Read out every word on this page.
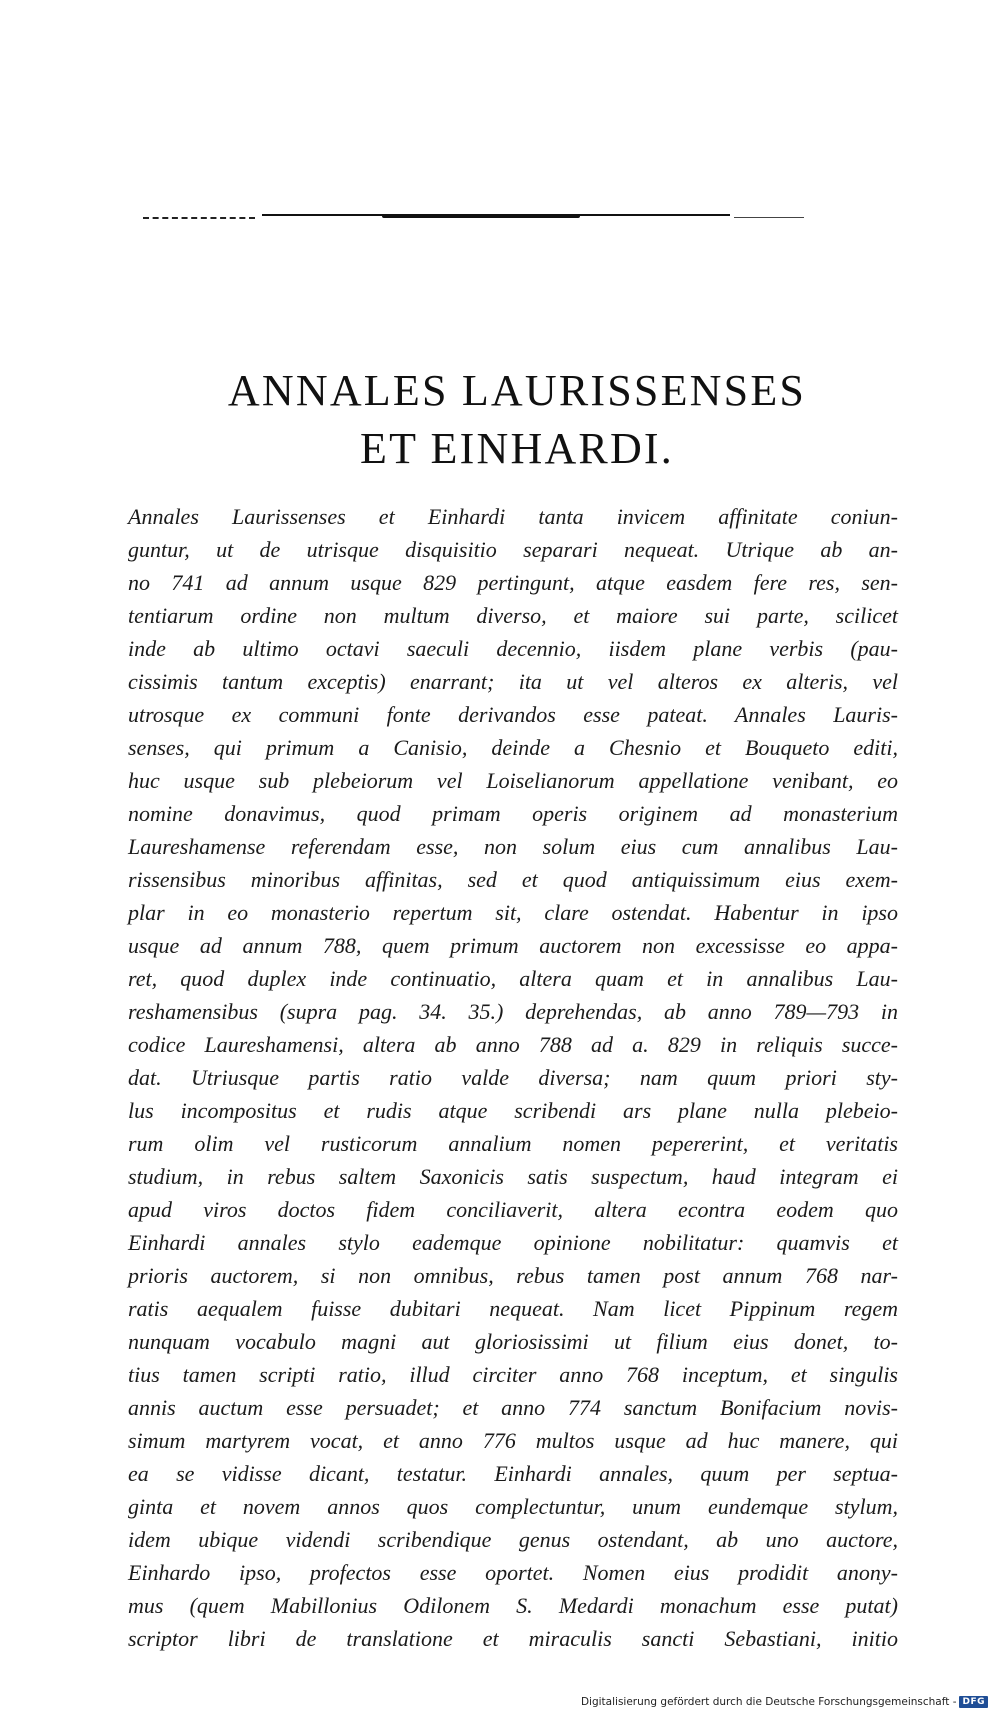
ANNALES LAURISSENSES
ET EINHARDI.
Annales Laurissenses et Einhardi tanta invicem affinitate coniun-
guntur, ut de utrisque disquisitio separari nequeat. Utrique ab an-
no 741 ad annum usque 829 pertingunt, atque easdem fere res, sen-
tentiarum ordine non multum diverso, et maiore sui parte, scilicet
inde ab ultimo octavi saeculi decennio, iisdem plane verbis (pau-
cissimis tantum exceptis) enarrant; ita ut vel alteros ex alteris, vel
utrosque ex communi fonte derivandos esse pateat. Annales Lauris-
senses, qui primum a Canisio, deinde a Chesnio et Bouqueto editi,
huc usque sub plebeiorum vel Loiselianorum appellatione venibant, eo
nomine donavimus, quod primam operis originem ad monasterium
Laureshamense referendam esse, non solum eius cum annalibus Lau-
rissensibus minoribus affinitas, sed et quod antiquissimum eius exem-
plar in eo monasterio repertum sit, clare ostendat. Habentur in ipso
usque ad annum 788, quem primum auctorem non excessisse eo appa-
ret, quod duplex inde continuatio, altera quam et in annalibus Lau-
reshamensibus (supra pag. 34. 35.) deprehendas, ab anno 789—793 in
codice Laureshamensi, altera ab anno 788 ad a. 829 in reliquis succe-
dat. Utriusque partis ratio valde diversa; nam quum priori sty-
lus incompositus et rudis atque scribendi ars plane nulla plebeio-
rum olim vel rusticorum annalium nomen pepererint, et veritatis
studium, in rebus saltem Saxonicis satis suspectum, haud integram ei
apud viros doctos fidem conciliaverit, altera econtra eodem quo
Einhardi annales stylo eademque opinione nobilitatur: quamvis et
prioris auctorem, si non omnibus, rebus tamen post annum 768 nar-
ratis aequalem fuisse dubitari nequeat. Nam licet Pippinum regem
nunquam vocabulo magni aut gloriosissimi ut filium eius donet, to-
tius tamen scripti ratio, illud circiter anno 768 inceptum, et singulis
annis auctum esse persuadet; et anno 774 sanctum Bonifacium novis-
simum martyrem vocat, et anno 776 multos usque ad huc manere, qui
ea se vidisse dicant, testatur. Einhardi annales, quum per septua-
ginta et novem annos quos complectuntur, unum eundemque stylum,
idem ubique videndi scribendique genus ostendant, ab uno auctore,
Einhardo ipso, profectos esse oportet. Nomen eius prodidit anony-
mus (quem Mabillonius Odilonem S. Medardi monachum esse putat)
scriptor libri de translatione et miraculis sancti Sebastiani, initio
Digitalisierung gefördert durch die Deutsche Forschungsgemeinschaft - DFG
